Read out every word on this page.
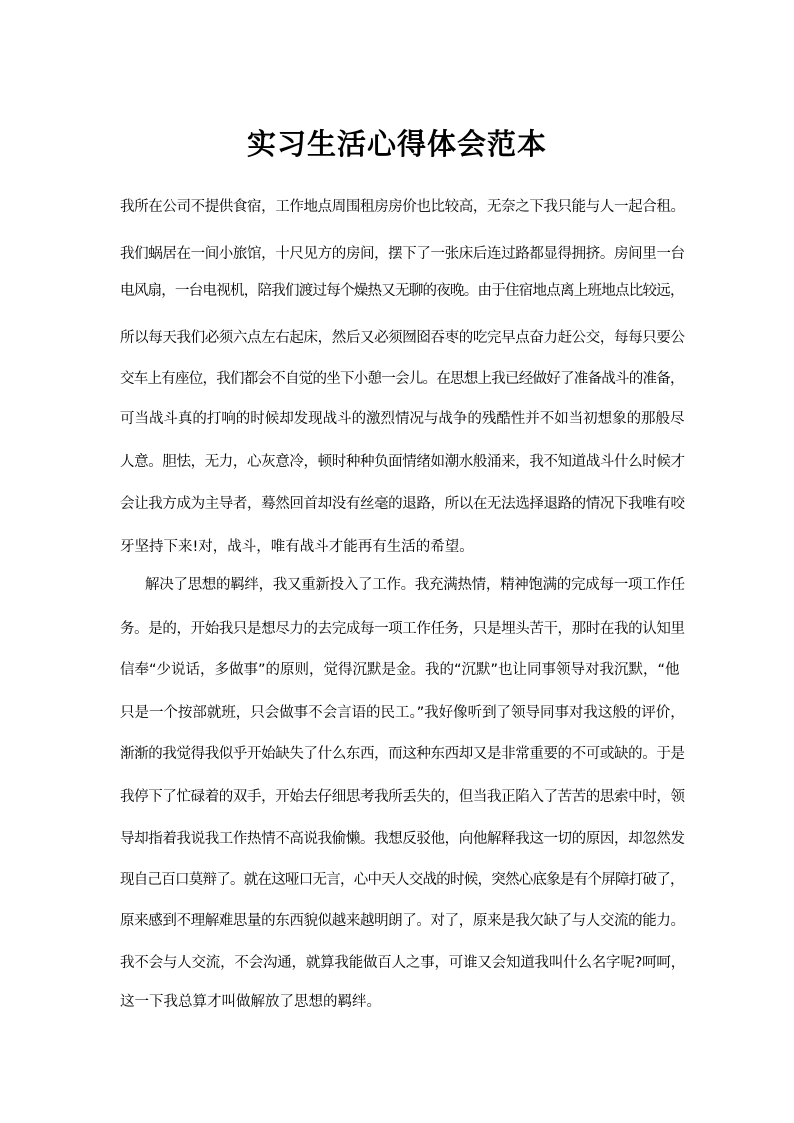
实习生活心得体会范本
我所在公司不提供食宿，工作地点周围租房房价也比较高，无奈之下我只能与人一起合租。
我们蜗居在一间小旅馆，十尺见方的房间，摆下了一张床后连过路都显得拥挤。房间里一台
电风扇，一台电视机，陪我们渡过每个燥热又无聊的夜晚。由于住宿地点离上班地点比较远，
所以每天我们必须六点左右起床，然后又必须囫囵吞枣的吃完早点奋力赶公交，每每只要公
交车上有座位，我们都会不自觉的坐下小憩一会儿。在思想上我已经做好了准备战斗的准备，
可当战斗真的打响的时候却发现战斗的激烈情况与战争的残酷性并不如当初想象的那般尽
人意。胆怯，无力，心灰意冷，顿时种种负面情绪如潮水般涌来，我不知道战斗什么时候才
会让我方成为主导者，蓦然回首却没有丝毫的退路，所以在无法选择退路的情况下我唯有咬
牙坚持下来!对，战斗，唯有战斗才能再有生活的希望。
解决了思想的羁绊，我又重新投入了工作。我充满热情，精神饱满的完成每一项工作任
务。是的，开始我只是想尽力的去完成每一项工作任务，只是埋头苦干，那时在我的认知里
信奉“少说话，多做事”的原则，觉得沉默是金。我的“沉默”也让同事领导对我沉默，“他
只是一个按部就班，只会做事不会言语的民工。”我好像听到了领导同事对我这般的评价，
渐渐的我觉得我似乎开始缺失了什么东西，而这种东西却又是非常重要的不可或缺的。于是
我停下了忙碌着的双手，开始去仔细思考我所丢失的，但当我正陷入了苦苦的思索中时，领
导却指着我说我工作热情不高说我偷懒。我想反驳他，向他解释我这一切的原因，却忽然发
现自己百口莫辩了。就在这哑口无言，心中天人交战的时候，突然心底象是有个屏障打破了，
原来感到不理解难思量的东西貌似越来越明朗了。对了，原来是我欠缺了与人交流的能力。
我不会与人交流，不会沟通，就算我能做百人之事，可谁又会知道我叫什么名字呢?呵呵，
这一下我总算才叫做解放了思想的羁绊。
